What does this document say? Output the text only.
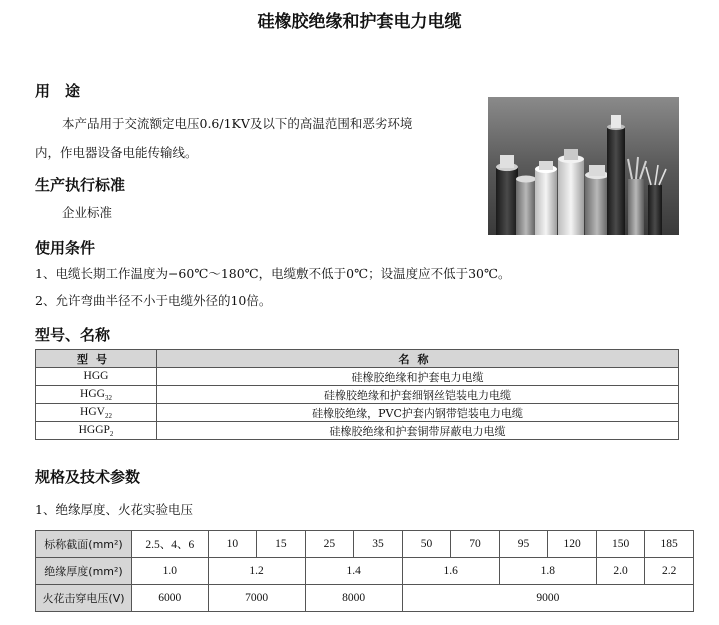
硅橡胶绝缘和护套电力电缆
用　途
本产品用于交流额定电压0.6/1KV及以下的高温范围和恶劣环境
内，作电器设备电能传输线。
生产执行标准
企业标准
使用条件
1、电缆长期工作温度为−60℃～180℃，电缆敷不低于0℃；设温度应不低于30℃。
2、允许弯曲半径不小于电缆外径的10倍。
型号、名称
型号	名称
HGG	硅橡胶绝缘和护套电力电缆
$HGG_{32}$	硅橡胶绝缘和护套细钢丝铠装电力电缆
$HGV_{22}$	硅橡胶绝缘，PVC护套内钢带铠装电力电缆
$HGGP_2$	硅橡胶绝缘和护套铜带屏蔽电力电缆
规格及技术参数
1、绝缘厚度、火花实验电压
标称截面(mm²)	2.5、4、6	10	15	25	35	50	70	95	120	150	185
绝缘厚度(mm²)	1.0	1.2		1.4		1.6		1.8		2.0	2.2
火花击穿电压(V)	6000	7000		8000		9000					
